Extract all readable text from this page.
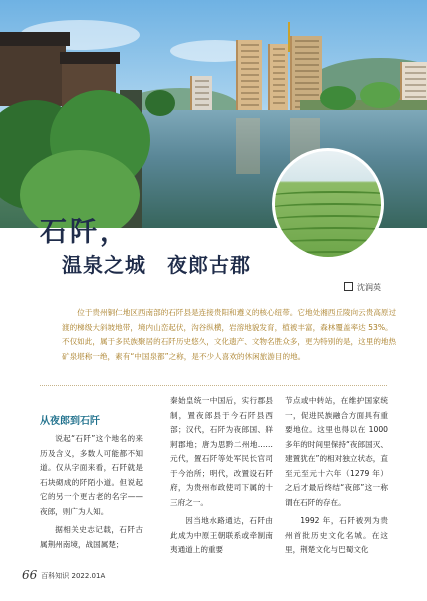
石阡，
温泉之城　夜郎古郡
沈润英
位于贵州铜仁地区西南部的石阡县是连接贵阳和遵义的核心纽带。它地处湘西丘陵向云贵高原过渡的梯级大斜坡地带，境内山峦起伏，沟谷纵横，岩溶地貌发育，植被丰富，森林覆盖率达 53%。不仅如此，属于多民族聚居的石阡历史悠久，文化遗产、文物名胜众多，更为特别的是，这里的地热矿泉堪称一绝，素有“中国泉都”之称，是不少人喜欢的休闲旅游目的地。
从夜郎到石阡

说起“石阡”这个地名的来历及含义，多数人可能都不知道。仅从字面来看，石阡就是石块砌成的阡陌小道。但说起它的另一个更古老的名字——夜郎，则广为人知。

据相关史志记载，石阡古属荆州南境，战国属楚；

秦始皇统一中国后，实行郡县制，置夜郎县于今石阡县西部；汉代，石阡为夜郎国、牂牁郡地；唐为思黔二州地……元代，置石阡等处军民长官司于今治所；明代，改置设石阡府，为贵州布政使司下属的十三府之一。

因当地水路通达，石阡由此成为中原王朝联系或牵制南夷通道上的重要

节点或中转站，在维护国家统一，促进民族融合方面具有重要地位。这里也得以在 1000 多年的时间里保持“夜郎国灭、建置犹在”的相对独立状态，直至元至元十六年（1279 年）之后才最后终结“夜郎”这一称谓在石阡的存在。

1992 年，石阡被列为贵州首批历史文化名城。在这里，荆楚文化与巴蜀文化

66 百科知识 2022.01A
